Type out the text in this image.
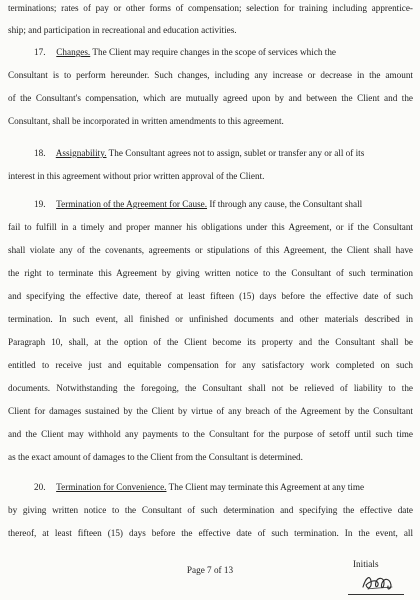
terminations; rates of pay or other forms of compensation; selection for training including apprentice-
ship; and participation in recreational and education activities.
17. Changes. The Client may require changes in the scope of services which the
Consultant is to perform hereunder. Such changes, including any increase or decrease in the amount
of the Consultant's compensation, which are mutually agreed upon by and between the Client and the
Consultant, shall be incorporated in written amendments to this agreement.
18. Assignability. The Consultant agrees not to assign, sublet or transfer any or all of its
interest in this agreement without prior written approval of the Client.
19. Termination of the Agreement for Cause. If through any cause, the Consultant shall
fail to fulfill in a timely and proper manner his obligations under this Agreement, or if the Consultant
shall violate any of the covenants, agreements or stipulations of this Agreement, the Client shall have
the right to terminate this Agreement by giving written notice to the Consultant of such termination
and specifying the effective date, thereof at least fifteen (15) days before the effective date of such
termination. In such event, all finished or unfinished documents and other materials described in
Paragraph 10, shall, at the option of the Client become its property and the Consultant shall be
entitled to receive just and equitable compensation for any satisfactory work completed on such
documents. Notwithstanding the foregoing, the Consultant shall not be relieved of liability to the
Client for damages sustained by the Client by virtue of any breach of the Agreement by the Consultant
and the Client may withhold any payments to the Consultant for the purpose of setoff until such time
as the exact amount of damages to the Client from the Consultant is determined.
20. Termination for Convenience. The Client may terminate this Agreement at any time
by giving written notice to the Consultant of such determination and specifying the effective date
thereof, at least fifteen (15) days before the effective date of such termination. In the event, all
Page 7 of 13
Initials
